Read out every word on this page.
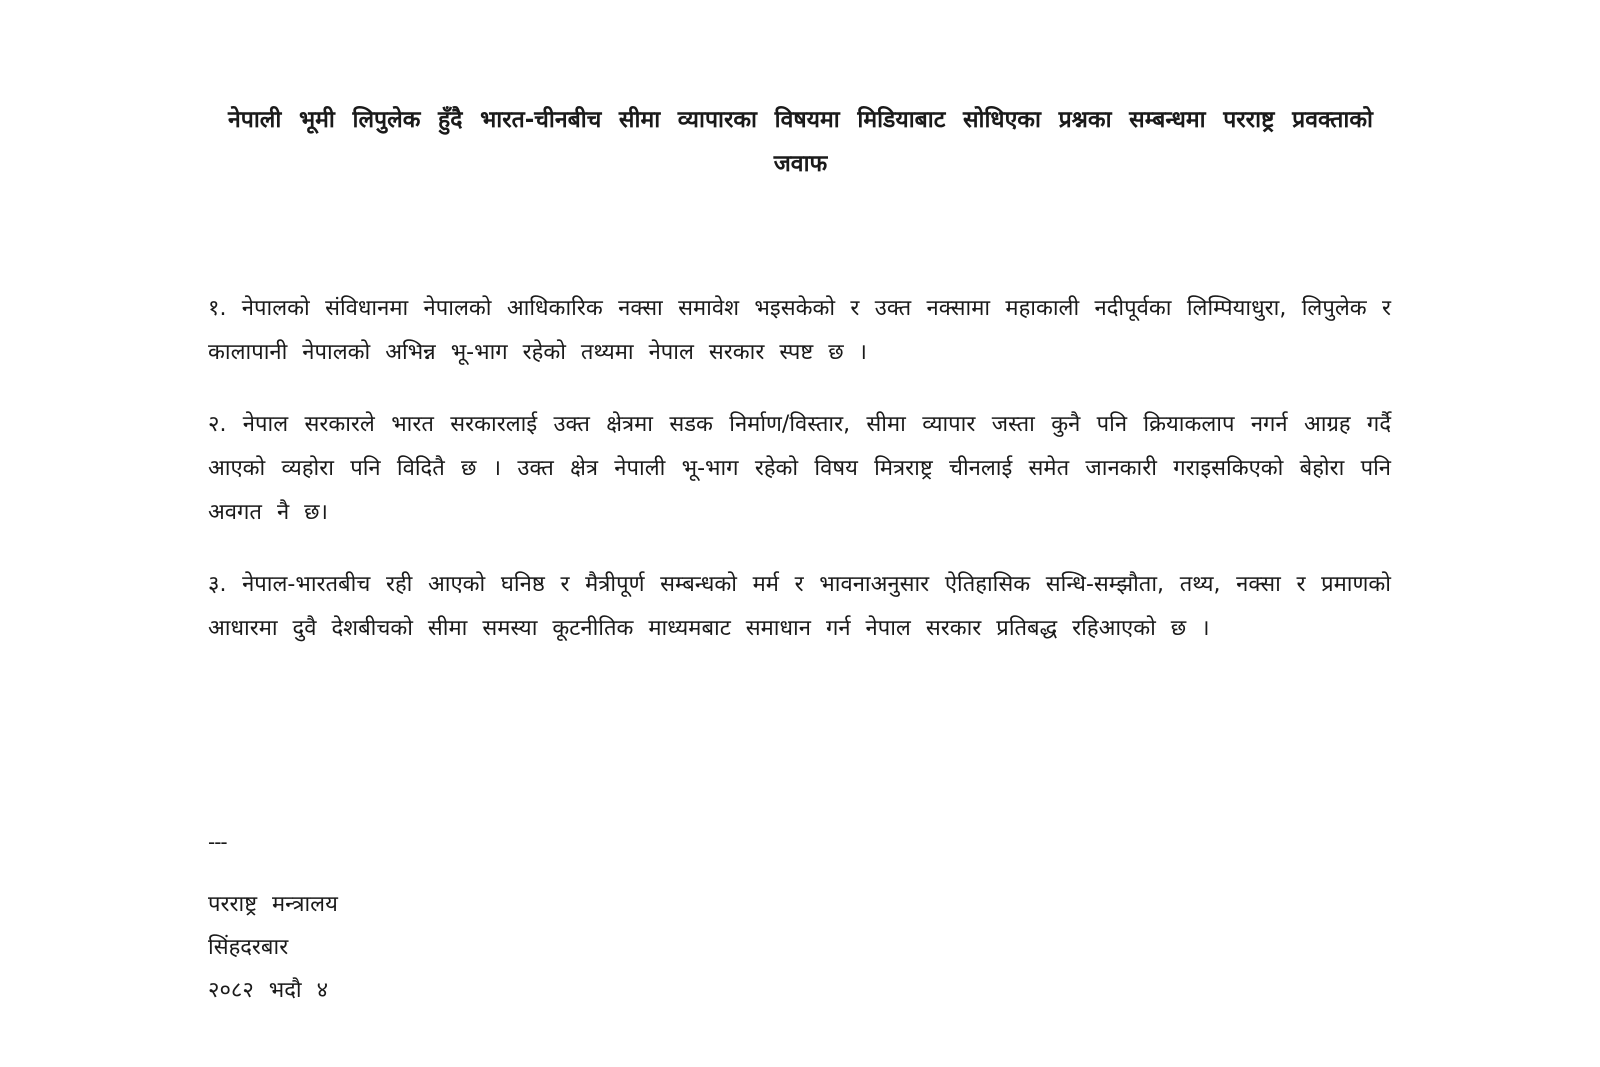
नेपाली भूमी लिपुलेक हुँदै भारत-चीनबीच सीमा व्यापारका विषयमा मिडियाबाट सोधिएका प्रश्नका सम्बन्धमा परराष्ट्र प्रवक्ताको जवाफ

१. नेपालको संविधानमा नेपालको आधिकारिक नक्सा समावेश भइसकेको र उक्त नक्सामा महाकाली नदीपूर्वका लिम्पियाधुरा, लिपुलेक र कालापानी नेपालको अभिन्न भू-भाग रहेको तथ्यमा नेपाल सरकार स्पष्ट छ ।

२. नेपाल सरकारले भारत सरकारलाई उक्त क्षेत्रमा सडक निर्माण/विस्तार, सीमा व्यापार जस्ता कुनै पनि क्रियाकलाप नगर्न आग्रह गर्दै आएको व्यहोरा पनि विदितै छ । उक्त क्षेत्र नेपाली भू-भाग रहेको विषय मित्रराष्ट्र चीनलाई समेत जानकारी गराइसकिएको बेहोरा पनि अवगत नै छ।

३. नेपाल-भारतबीच रही आएको घनिष्ठ र मैत्रीपूर्ण सम्बन्धको मर्म र भावनाअनुसार ऐतिहासिक सन्धि-सम्झौता, तथ्य, नक्सा र प्रमाणको आधारमा दुवै देशबीचको सीमा समस्या कूटनीतिक माध्यमबाट समाधान गर्न नेपाल सरकार प्रतिबद्ध रहिआएको छ ।

---
परराष्ट्र मन्त्रालय
सिंहदरबार
२०८२ भदौ ४
